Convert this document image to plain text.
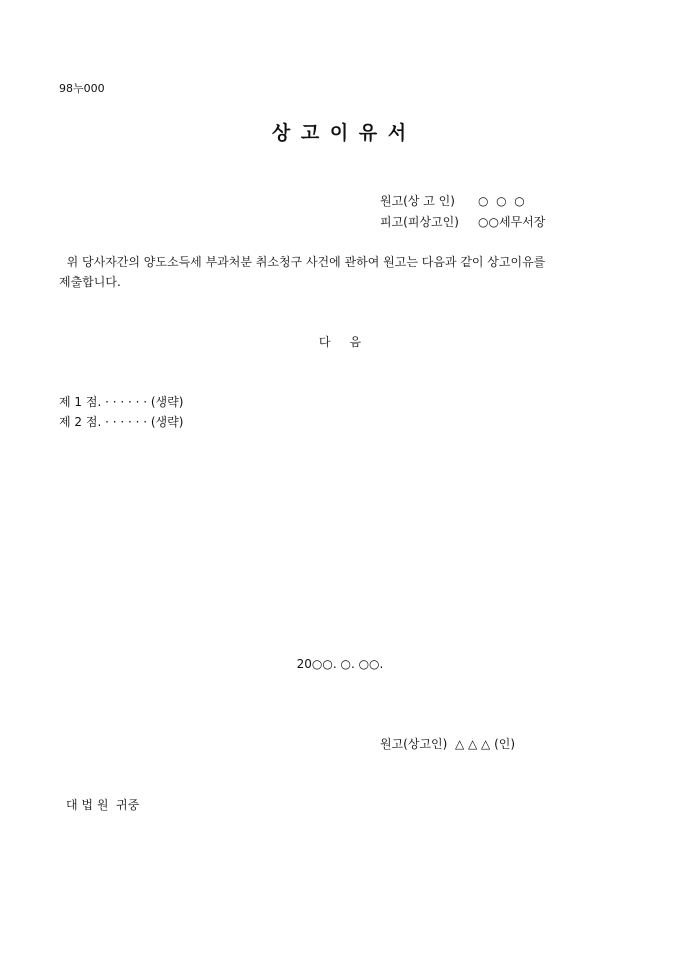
98누000
상 고 이 유 서
원고(상 고 인) ○  ○  ○
피고(피상고인) ○○세무서장
위 당사자간의 양도소득세 부과처분 취소청구 사건에 관하여 원고는 다음과 같이 상고이유를
제출합니다.
다     음
제 1 점. · · · · · · (생략)
제 2 점. · · · · · · (생략)
20○○. ○. ○○.
원고(상고인)  △ △ △ (인)
대 법 원  귀중
